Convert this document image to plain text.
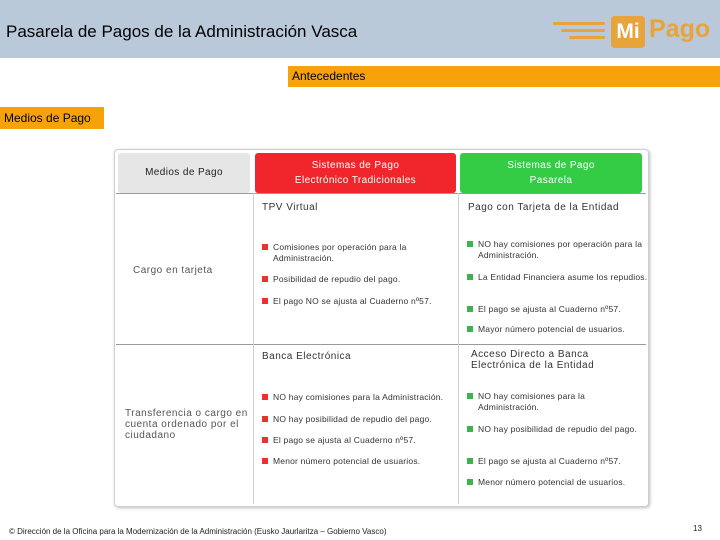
Pasarela de Pagos de la Administración Vasca	Mi Pago
Antecedentes
Medios de Pago
Medios de Pago
Sistemas de Pago
Electrónico Tradicionales
Sistemas de Pago
Pasarela
Cargo en tarjeta
TPV Virtual
Comisiones por operación para la Administración.
Posibilidad de repudio del pago.
El pago NO se ajusta al Cuaderno nº57.
Pago con Tarjeta de la Entidad
NO hay comisiones por operación para la Administración.
La Entidad Financiera asume los repudios.
El pago se ajusta al Cuaderno nº57.
Mayor número potencial de usuarios.
Transferencia o cargo en cuenta ordenado por el ciudadano
Banca Electrónica
NO hay comisiones para la Administración.
NO hay posibilidad de repudio del pago.
El pago se ajusta al Cuaderno nº57.
Menor número potencial de usuarios.
Acceso Directo a Banca Electrónica de la Entidad
NO hay comisiones para la Administración.
NO hay posibilidad de repudio del pago.
El pago se ajusta al Cuaderno nº57.
Menor número potencial de usuarios.
© Dirección de la Oficina para la Modernización de la Administración (Eusko Jaurlaritza – Gobierno Vasco)	13
